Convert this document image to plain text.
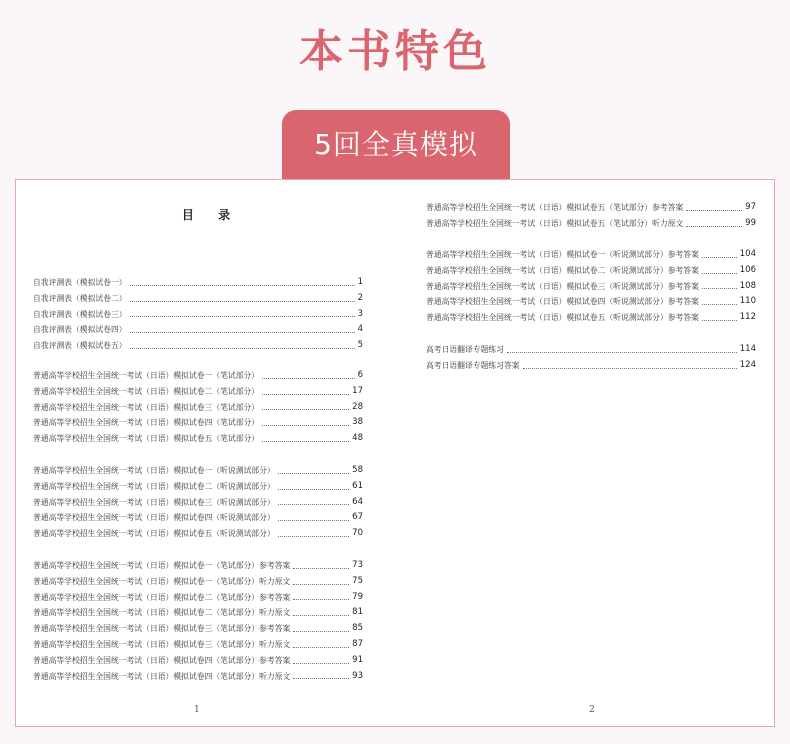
本书特色
5回全真模拟
目 录
自我评测表（模拟试卷一）	1
自我评测表（模拟试卷二）	2
自我评测表（模拟试卷三）	3
自我评测表（模拟试卷四）	4
自我评测表（模拟试卷五）	5
普通高等学校招生全国统一考试（日语）模拟试卷一（笔试部分）	6
普通高等学校招生全国统一考试（日语）模拟试卷二（笔试部分）	17
普通高等学校招生全国统一考试（日语）模拟试卷三（笔试部分）	28
普通高等学校招生全国统一考试（日语）模拟试卷四（笔试部分）	38
普通高等学校招生全国统一考试（日语）模拟试卷五（笔试部分）	48
普通高等学校招生全国统一考试（日语）模拟试卷一（听说测试部分）	58
普通高等学校招生全国统一考试（日语）模拟试卷二（听说测试部分）	61
普通高等学校招生全国统一考试（日语）模拟试卷三（听说测试部分）	64
普通高等学校招生全国统一考试（日语）模拟试卷四（听说测试部分）	67
普通高等学校招生全国统一考试（日语）模拟试卷五（听说测试部分）	70
普通高等学校招生全国统一考试（日语）模拟试卷一（笔试部分）参考答案	73
普通高等学校招生全国统一考试（日语）模拟试卷一（笔试部分）听力原文	75
普通高等学校招生全国统一考试（日语）模拟试卷二（笔试部分）参考答案	79
普通高等学校招生全国统一考试（日语）模拟试卷二（笔试部分）听力原文	81
普通高等学校招生全国统一考试（日语）模拟试卷三（笔试部分）参考答案	85
普通高等学校招生全国统一考试（日语）模拟试卷三（笔试部分）听力原文	87
普通高等学校招生全国统一考试（日语）模拟试卷四（笔试部分）参考答案	91
普通高等学校招生全国统一考试（日语）模拟试卷四（笔试部分）听力原文	93
普通高等学校招生全国统一考试（日语）模拟试卷五（笔试部分）参考答案	97
普通高等学校招生全国统一考试（日语）模拟试卷五（笔试部分）听力原文	99
普通高等学校招生全国统一考试（日语）模拟试卷一（听说测试部分）参考答案	104
普通高等学校招生全国统一考试（日语）模拟试卷二（听说测试部分）参考答案	106
普通高等学校招生全国统一考试（日语）模拟试卷三（听说测试部分）参考答案	108
普通高等学校招生全国统一考试（日语）模拟试卷四（听说测试部分）参考答案	110
普通高等学校招生全国统一考试（日语）模拟试卷五（听说测试部分）参考答案	112
高考日语翻译专题练习	114
高考日语翻译专题练习答案	124
1	2
